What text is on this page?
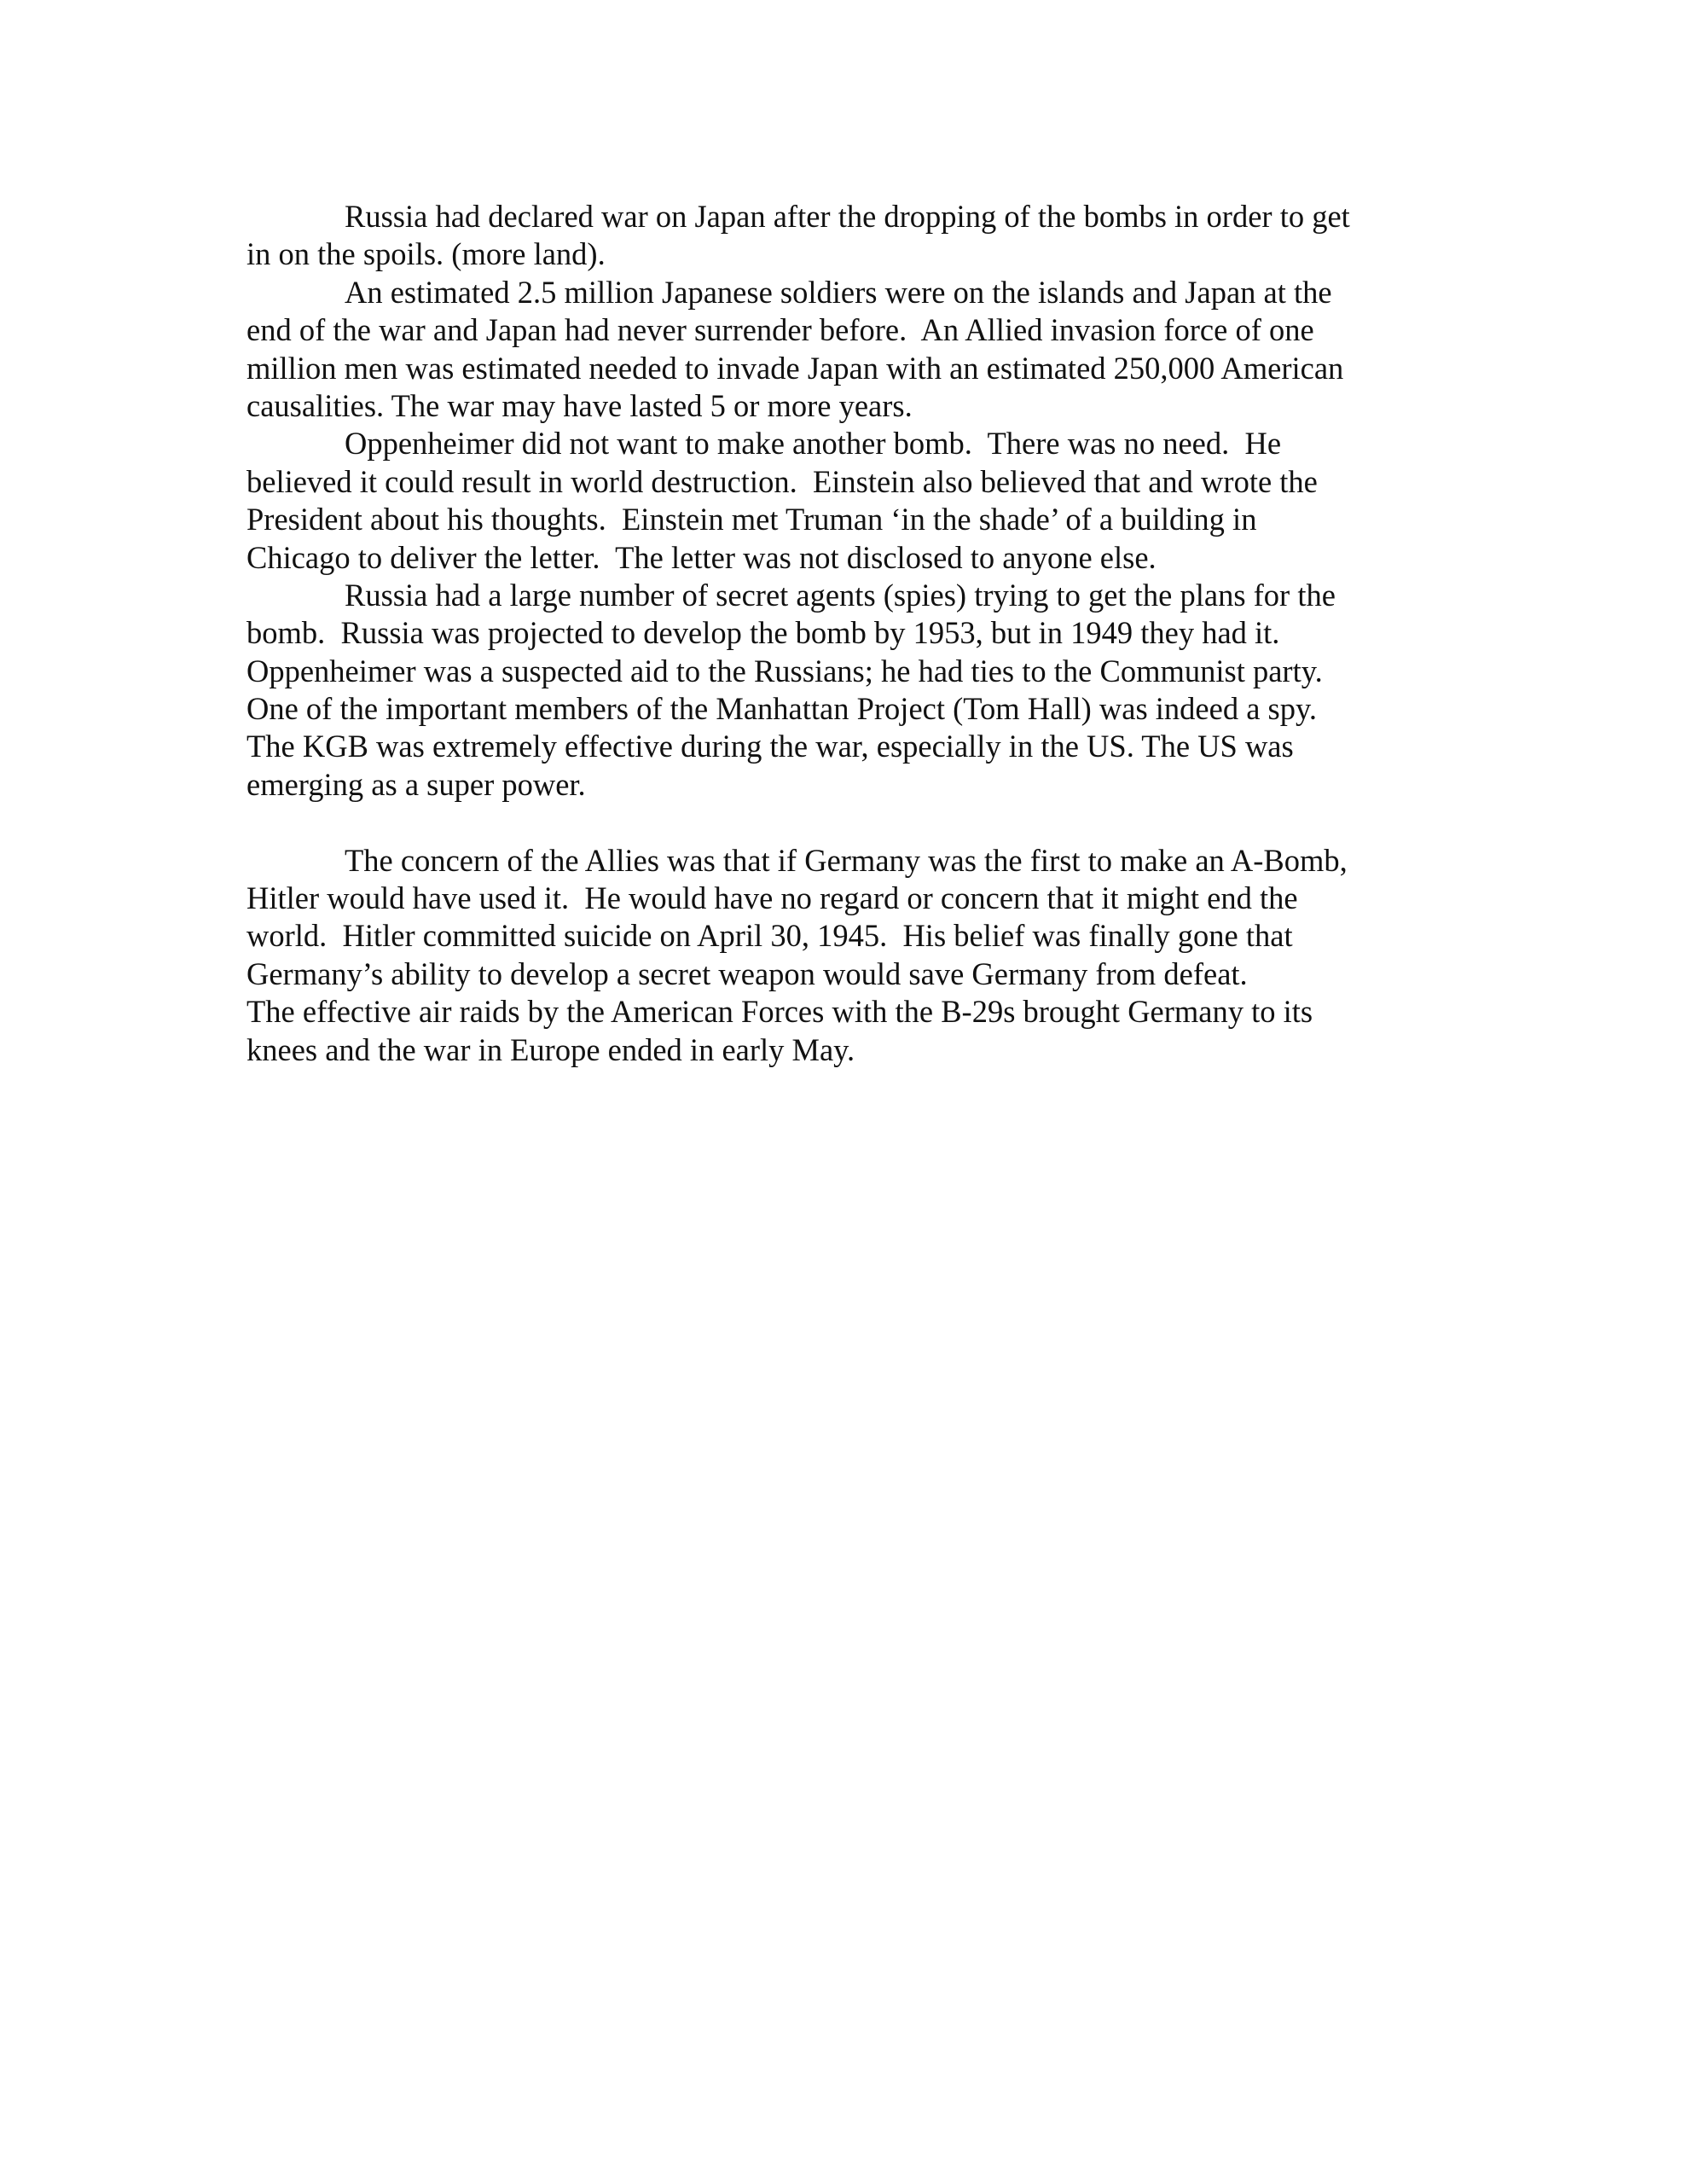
Russia had declared war on Japan after the dropping of the bombs in order to get
in on the spoils. (more land).
An estimated 2.5 million Japanese soldiers were on the islands and Japan at the
end of the war and Japan had never surrender before.  An Allied invasion force of one
million men was estimated needed to invade Japan with an estimated 250,000 American
causalities. The war may have lasted 5 or more years.
Oppenheimer did not want to make another bomb.  There was no need.  He
believed it could result in world destruction.  Einstein also believed that and wrote the
President about his thoughts.  Einstein met Truman ‘in the shade’ of a building in
Chicago to deliver the letter.  The letter was not disclosed to anyone else.
Russia had a large number of secret agents (spies) trying to get the plans for the
bomb.  Russia was projected to develop the bomb by 1953, but in 1949 they had it.
Oppenheimer was a suspected aid to the Russians; he had ties to the Communist party.
One of the important members of the Manhattan Project (Tom Hall) was indeed a spy.
The KGB was extremely effective during the war, especially in the US. The US was
emerging as a super power.
The concern of the Allies was that if Germany was the first to make an A-Bomb,
Hitler would have used it.  He would have no regard or concern that it might end the
world.  Hitler committed suicide on April 30, 1945.  His belief was finally gone that
Germany’s ability to develop a secret weapon would save Germany from defeat.
The effective air raids by the American Forces with the B-29s brought Germany to its
knees and the war in Europe ended in early May.
